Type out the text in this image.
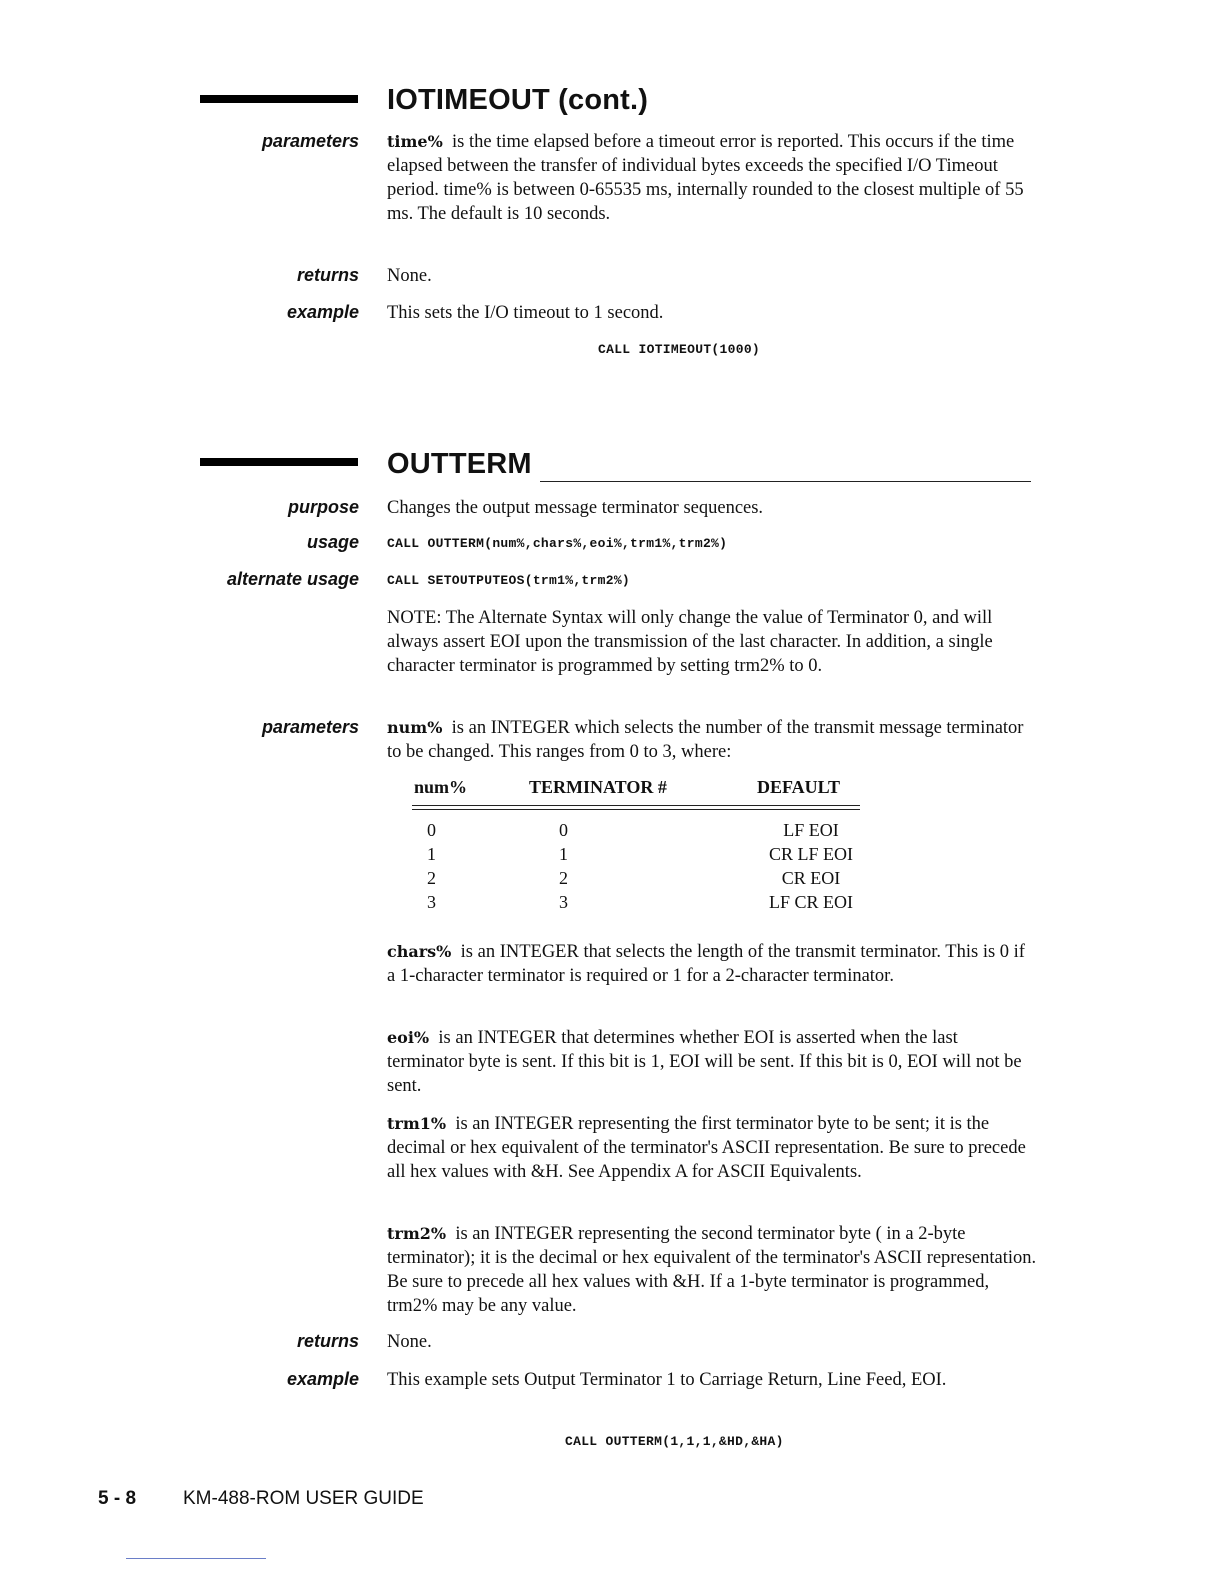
IOTIMEOUT (cont.)
parameters time% is the time elapsed before a timeout error is reported. This occurs if the time elapsed between the transfer of individual bytes exceeds the specified I/O Timeout period. time% is between 0-65535 ms, internally rounded to the closest multiple of 55 ms. The default is 10 seconds.
returns None.
example This sets the I/O timeout to 1 second.
CALL IOTIMEOUT(1000)
OUTTERM
purpose Changes the output message terminator sequences.
usage CALL OUTTERM(num%,chars%,eoi%,trm1%,trm2%)
alternate usage CALL SETOUTPUTEOS(trm1%,trm2%)
NOTE: The Alternate Syntax will only change the value of Terminator 0, and will always assert EOI upon the transmission of the last character. In addition, a single character terminator is programmed by setting trm2% to 0.
parameters num% is an INTEGER which selects the number of the transmit message terminator to be changed. This ranges from 0 to 3, where:
num%	TERMINATOR #	DEFAULT
0	0	LF EOI
1	1	CR LF EOI
2	2	CR EOI
3	3	LF CR EOI
chars% is an INTEGER that selects the length of the transmit terminator. This is 0 if a 1-character terminator is required or 1 for a 2-character terminator.
eoi% is an INTEGER that determines whether EOI is asserted when the last terminator byte is sent. If this bit is 1, EOI will be sent. If this bit is 0, EOI will not be sent.
trm1% is an INTEGER representing the first terminator byte to be sent; it is the decimal or hex equivalent of the terminator's ASCII representation. Be sure to precede all hex values with &H. See Appendix A for ASCII Equivalents.
trm2% is an INTEGER representing the second terminator byte ( in a 2-byte terminator); it is the decimal or hex equivalent of the terminator's ASCII representation. Be sure to precede all hex values with &H. If a 1-byte terminator is programmed, trm2% may be any value.
returns None.
example This example sets Output Terminator 1 to Carriage Return, Line Feed, EOI.
CALL OUTTERM(1,1,1,&HD,&HA)
5 - 8 KM-488-ROM USER GUIDE
